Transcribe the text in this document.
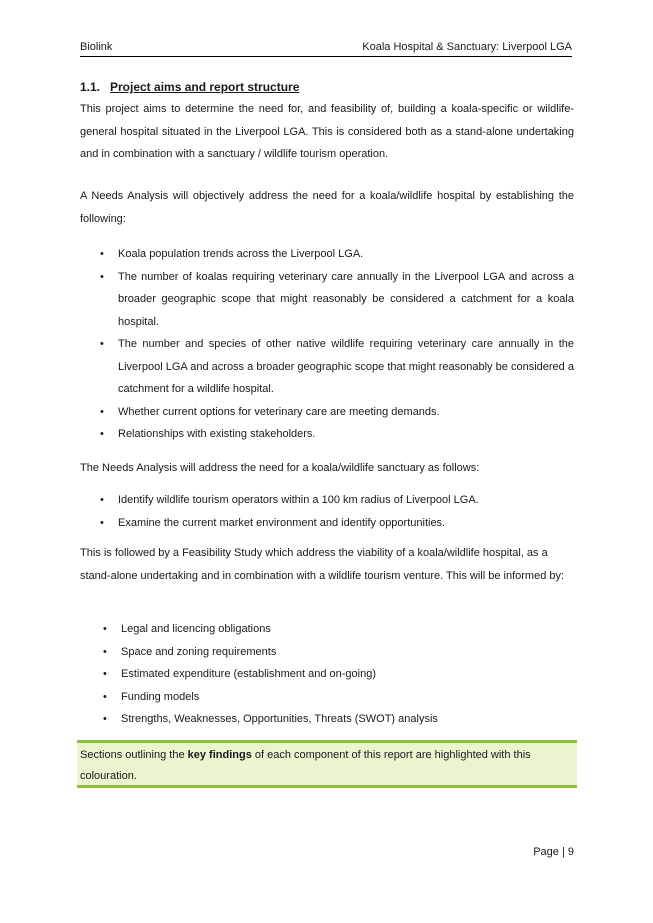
Biolink	Koala Hospital & Sanctuary: Liverpool LGA
1.1. Project aims and report structure

This project aims to determine the need for, and feasibility of, building a koala-specific or wildlife-general hospital situated in the Liverpool LGA. This is considered both as a stand-alone undertaking and in combination with a sanctuary / wildlife tourism operation.

A Needs Analysis will objectively address the need for a koala/wildlife hospital by establishing the following:

• Koala population trends across the Liverpool LGA.
• The number of koalas requiring veterinary care annually in the Liverpool LGA and across a broader geographic scope that might reasonably be considered a catchment for a koala hospital.
• The number and species of other native wildlife requiring veterinary care annually in the Liverpool LGA and across a broader geographic scope that might reasonably be considered a catchment for a wildlife hospital.
• Whether current options for veterinary care are meeting demands.
• Relationships with existing stakeholders.

The Needs Analysis will address the need for a koala/wildlife sanctuary as follows:

• Identify wildlife tourism operators within a 100 km radius of Liverpool LGA.
• Examine the current market environment and identify opportunities.

This is followed by a Feasibility Study which address the viability of a koala/wildlife hospital, as a stand-alone undertaking and in combination with a wildlife tourism venture. This will be informed by:

• Legal and licencing obligations
• Space and zoning requirements
• Estimated expenditure (establishment and on-going)
• Funding models
• Strengths, Weaknesses, Opportunities, Threats (SWOT) analysis
Sections outlining the key findings of each component of this report are highlighted with this colouration.
Page | 9
